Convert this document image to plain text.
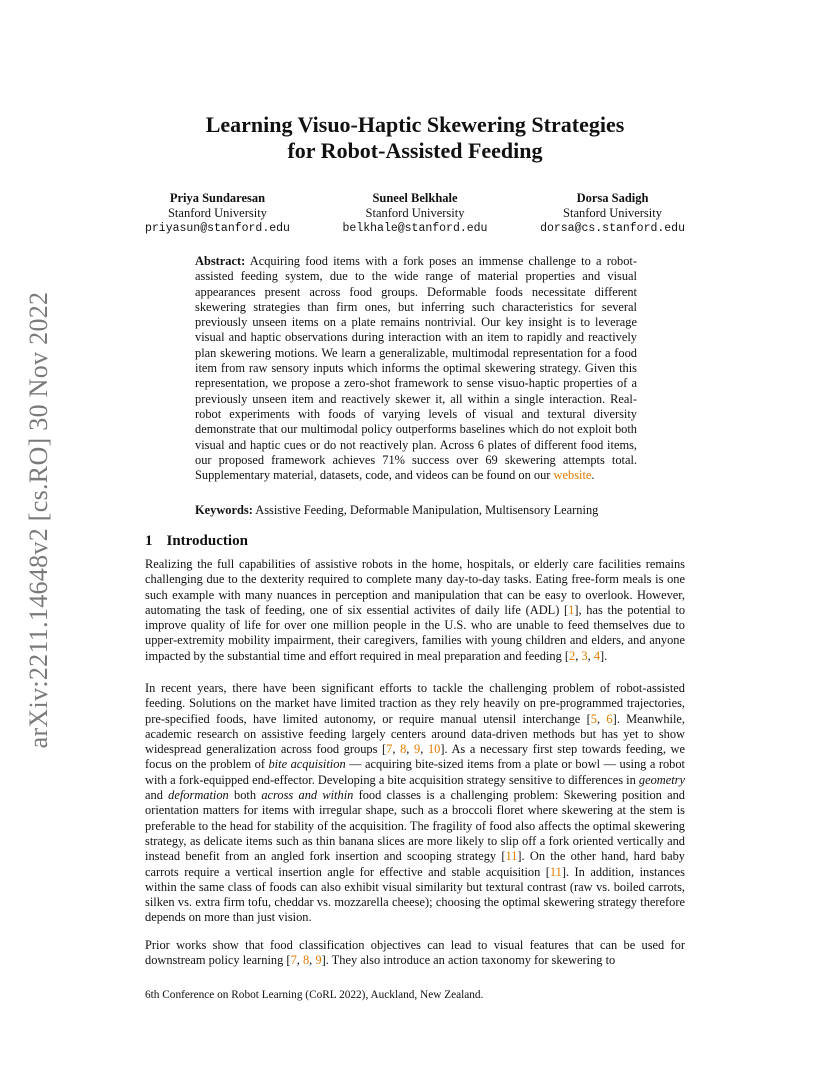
arXiv:2211.14648v2 [cs.RO] 30 Nov 2022
Learning Visuo-Haptic Skewering Strategies
for Robot-Assisted Feeding
Priya Sundaresan
Stanford University
priyasun@stanford.edu
Suneel Belkhale
Stanford University
belkhale@stanford.edu
Dorsa Sadigh
Stanford University
dorsa@cs.stanford.edu
Abstract: Acquiring food items with a fork poses an immense challenge to a robot-assisted feeding system, due to the wide range of material properties and visual appearances present across food groups. Deformable foods necessitate different skewering strategies than firm ones, but inferring such characteristics for several previously unseen items on a plate remains nontrivial. Our key insight is to leverage visual and haptic observations during interaction with an item to rapidly and reactively plan skewering motions. We learn a generalizable, multimodal representation for a food item from raw sensory inputs which informs the optimal skewering strategy. Given this representation, we propose a zero-shot framework to sense visuo-haptic properties of a previously unseen item and reactively skewer it, all within a single interaction. Real-robot experiments with foods of varying levels of visual and textural diversity demonstrate that our multimodal policy outperforms baselines which do not exploit both visual and haptic cues or do not reactively plan. Across 6 plates of different food items, our proposed framework achieves 71% success over 69 skewering attempts total. Supplementary material, datasets, code, and videos can be found on our website.
Keywords: Assistive Feeding, Deformable Manipulation, Multisensory Learning
1 Introduction

Realizing the full capabilities of assistive robots in the home, hospitals, or elderly care facilities remains challenging due to the dexterity required to complete many day-to-day tasks. Eating free-form meals is one such example with many nuances in perception and manipulation that can be easy to overlook. However, automating the task of feeding, one of six essential activites of daily life (ADL) [1], has the potential to improve quality of life for over one million people in the U.S. who are unable to feed themselves due to upper-extremity mobility impairment, their caregivers, families with young children and elders, and anyone impacted by the substantial time and effort required in meal preparation and feeding [2, 3, 4].

In recent years, there have been significant efforts to tackle the challenging problem of robot-assisted feeding. Solutions on the market have limited traction as they rely heavily on pre-programmed trajectories, pre-specified foods, have limited autonomy, or require manual utensil interchange [5, 6]. Meanwhile, academic research on assistive feeding largely centers around data-driven methods but has yet to show widespread generalization across food groups [7, 8, 9, 10]. As a necessary first step towards feeding, we focus on the problem of bite acquisition — acquiring bite-sized items from a plate or bowl — using a robot with a fork-equipped end-effector. Developing a bite acquisition strategy sensitive to differences in geometry and deformation both across and within food classes is a challenging problem: Skewering position and orientation matters for items with irregular shape, such as a broccoli floret where skewering at the stem is preferable to the head for stability of the acquisition. The fragility of food also affects the optimal skewering strategy, as delicate items such as thin banana slices are more likely to slip off a fork oriented vertically and instead benefit from an angled fork insertion and scooping strategy [11]. On the other hand, hard baby carrots require a vertical insertion angle for effective and stable acquisition [11]. In addition, instances within the same class of foods can also exhibit visual similarity but textural contrast (raw vs. boiled carrots, silken vs. extra firm tofu, cheddar vs. mozzarella cheese); choosing the optimal skewering strategy therefore depends on more than just vision.

Prior works show that food classification objectives can lead to visual features that can be used for downstream policy learning [7, 8, 9]. They also introduce an action taxonomy for skewering to

6th Conference on Robot Learning (CoRL 2022), Auckland, New Zealand.
